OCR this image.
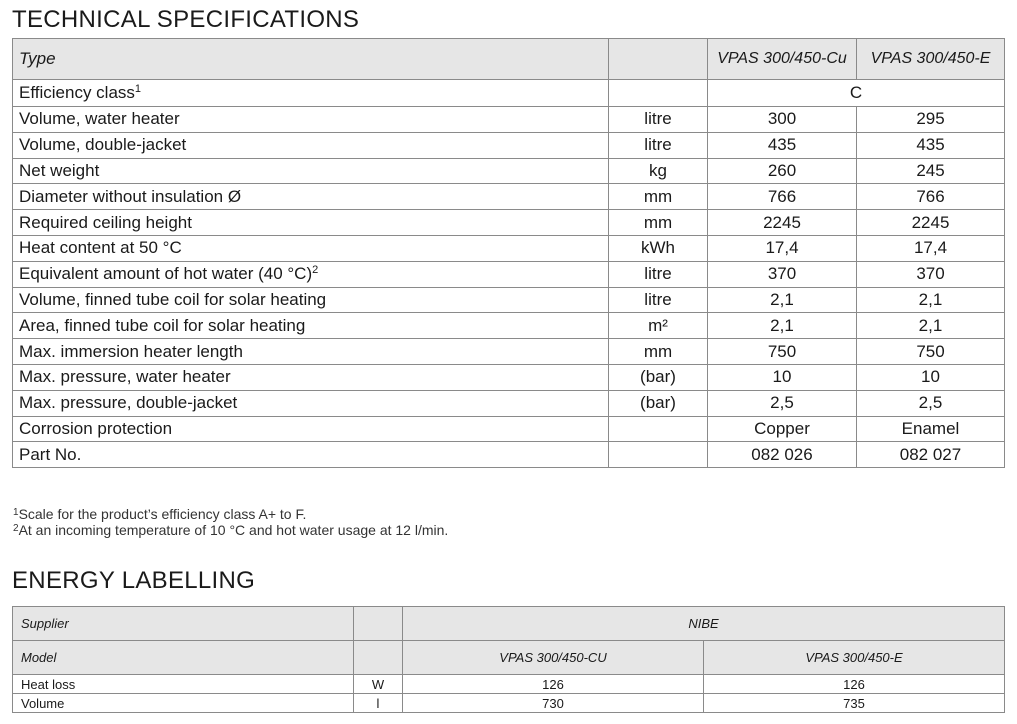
TECHNICAL SPECIFICATIONS
Type		VPAS 300/450-Cu	VPAS 300/450-E
Efficiency class$^1$		C	
Volume, water heater	litre	300	295
Volume, double-jacket	litre	435	435
Net weight	kg	260	245
Diameter without insulation Ø	mm	766	766
Required ceiling height	mm	2245	2245
Heat content at 50 °C	kWh	17,4	17,4
Equivalent amount of hot water (40 °C)$^2$	litre	370	370
Volume, finned tube coil for solar heating	litre	2,1	2,1
Area, finned tube coil for solar heating	m²	2,1	2,1
Max. immersion heater length	mm	750	750
Max. pressure, water heater	(bar)	10	10
Max. pressure, double-jacket	(bar)	2,5	2,5
Corrosion protection		Copper	Enamel
Part No.		082 026	082 027
$^1$Scale for the product’s efficiency class A+ to F.
$^2$At an incoming temperature of 10 °C and hot water usage at 12 l/min.
ENERGY LABELLING
Supplier		NIBE	
Model		VPAS 300/450-CU	VPAS 300/450-E
Heat loss	W	126	126
Volume	l	730	735
